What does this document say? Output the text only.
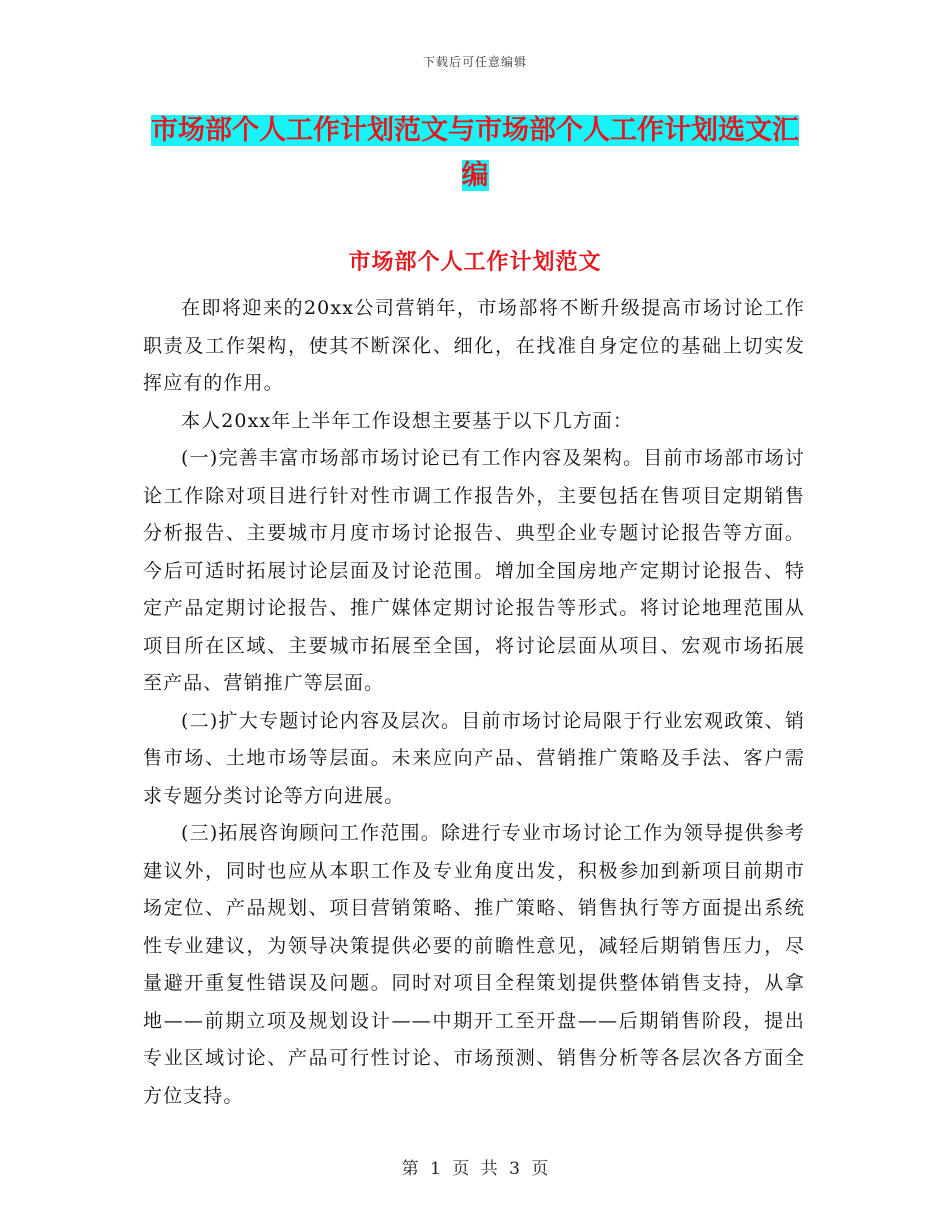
下载后可任意编辑
市场部个人工作计划范文与市场部个人工作计划选文汇编
市场部个人工作计划范文

在即将迎来的20xx公司营销年，市场部将不断升级提高市场讨论工作职责及工作架构，使其不断深化、细化，在找准自身定位的基础上切实发挥应有的作用。

本人20xx年上半年工作设想主要基于以下几方面：

(一)完善丰富市场部市场讨论已有工作内容及架构。目前市场部市场讨论工作除对项目进行针对性市调工作报告外，主要包括在售项目定期销售分析报告、主要城市月度市场讨论报告、典型企业专题讨论报告等方面。今后可适时拓展讨论层面及讨论范围。增加全国房地产定期讨论报告、特定产品定期讨论报告、推广媒体定期讨论报告等形式。将讨论地理范围从项目所在区域、主要城市拓展至全国，将讨论层面从项目、宏观市场拓展至产品、营销推广等层面。

(二)扩大专题讨论内容及层次。目前市场讨论局限于行业宏观政策、销售市场、土地市场等层面。未来应向产品、营销推广策略及手法、客户需求专题分类讨论等方向进展。

(三)拓展咨询顾问工作范围。除进行专业市场讨论工作为领导提供参考建议外，同时也应从本职工作及专业角度出发，积极参加到新项目前期市场定位、产品规划、项目营销策略、推广策略、销售执行等方面提出系统性专业建议，为领导决策提供必要的前瞻性意见，减轻后期销售压力，尽量避开重复性错误及问题。同时对项目全程策划提供整体销售支持，从拿地——前期立项及规划设计——中期开工至开盘——后期销售阶段，提出专业区域讨论、产品可行性讨论、市场预测、销售分析等各层次各方面全方位支持。

第 1 页 共 3 页
